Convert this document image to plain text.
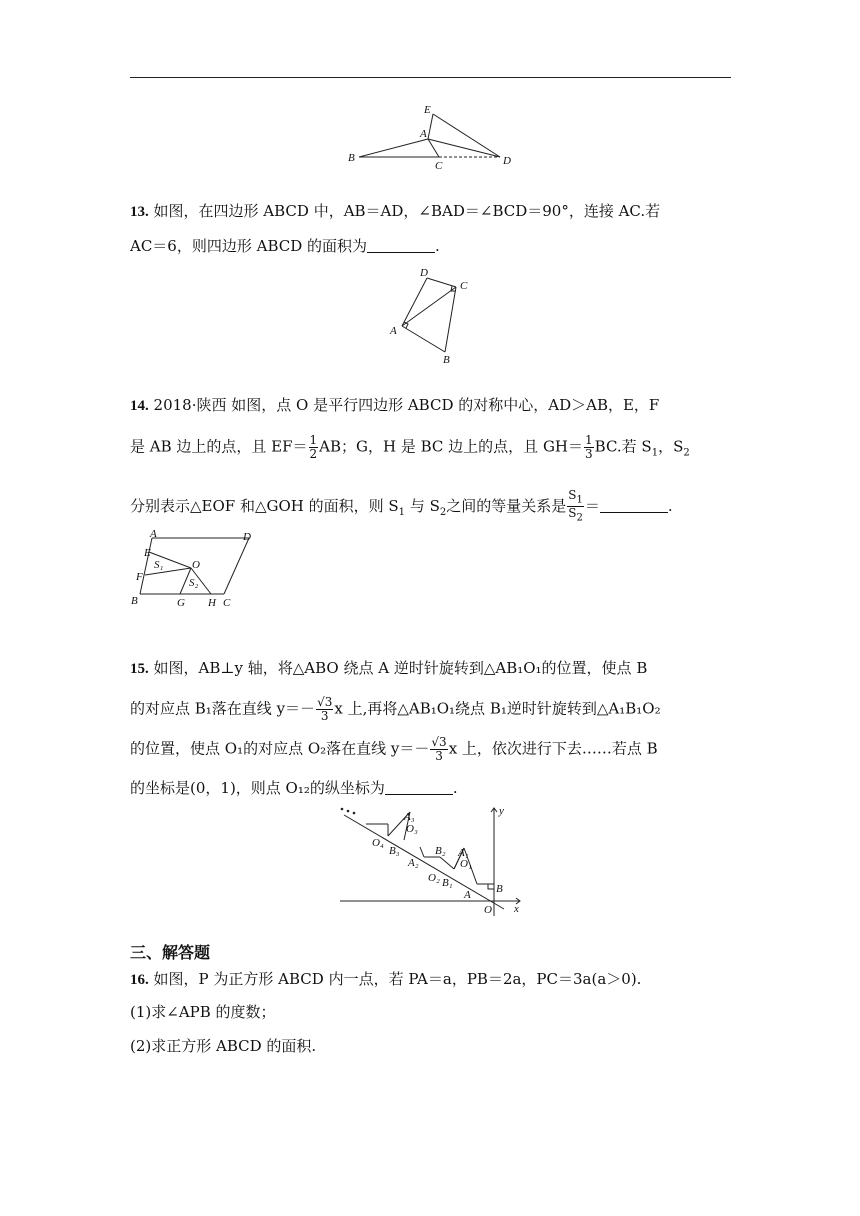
E
A
B
C	D
13. 如图，在四边形 ABCD 中，AB＝AD，∠BAD＝∠BCD＝90°，连接 AC.若
AC＝6，则四边形 ABCD 的面积为	.
D
C
A
B
14. 2018·陕西 如图，点 O 是平行四边形 ABCD 的对称中心，AD＞AB，E，F
是 AB 边上的点，且 $EF= \frac{1}{2}$ AB；G，H 是 BC 边上的点，且 $GH= \frac{1}{3}$ BC.若 $S_1$，$S_2$
分别表示△EOF 和△GOH 的面积，则 $S_1$ 与 $S_2$之间的等量关系是 $\frac{S_1}{S_2}$ ＝	.
A	D
E
O
F
S₁
S₂
B	G H C
15. 如图，AB⊥y 轴，将△ABO 绕点 A 逆时针旋转到△AB₁O₁的位置，使点 B
的对应点 B₁落在直线 $y=- \frac{√3}{3}$ x 上,再将△AB₁O₁绕点 B₁逆时针旋转到△A₁B₁O₂
的位置，使点 O₁的对应点 O₂落在直线 $y=- \frac{√3}{3}$ x 上，依次进行下去……若点 B
的坐标是(0，1)，则点 O₁₂的纵坐标为	.
y
x
O
A B
A₁
O₁
B₁
B₂
O₂
A₂
A₃
O₃
O₄
B₃
三、解答题
16. 如图，P 为正方形 ABCD 内一点，若 PA＝a，PB＝2a，PC＝3a(a＞0).
(1)求∠APB 的度数；
(2)求正方形 ABCD 的面积.
